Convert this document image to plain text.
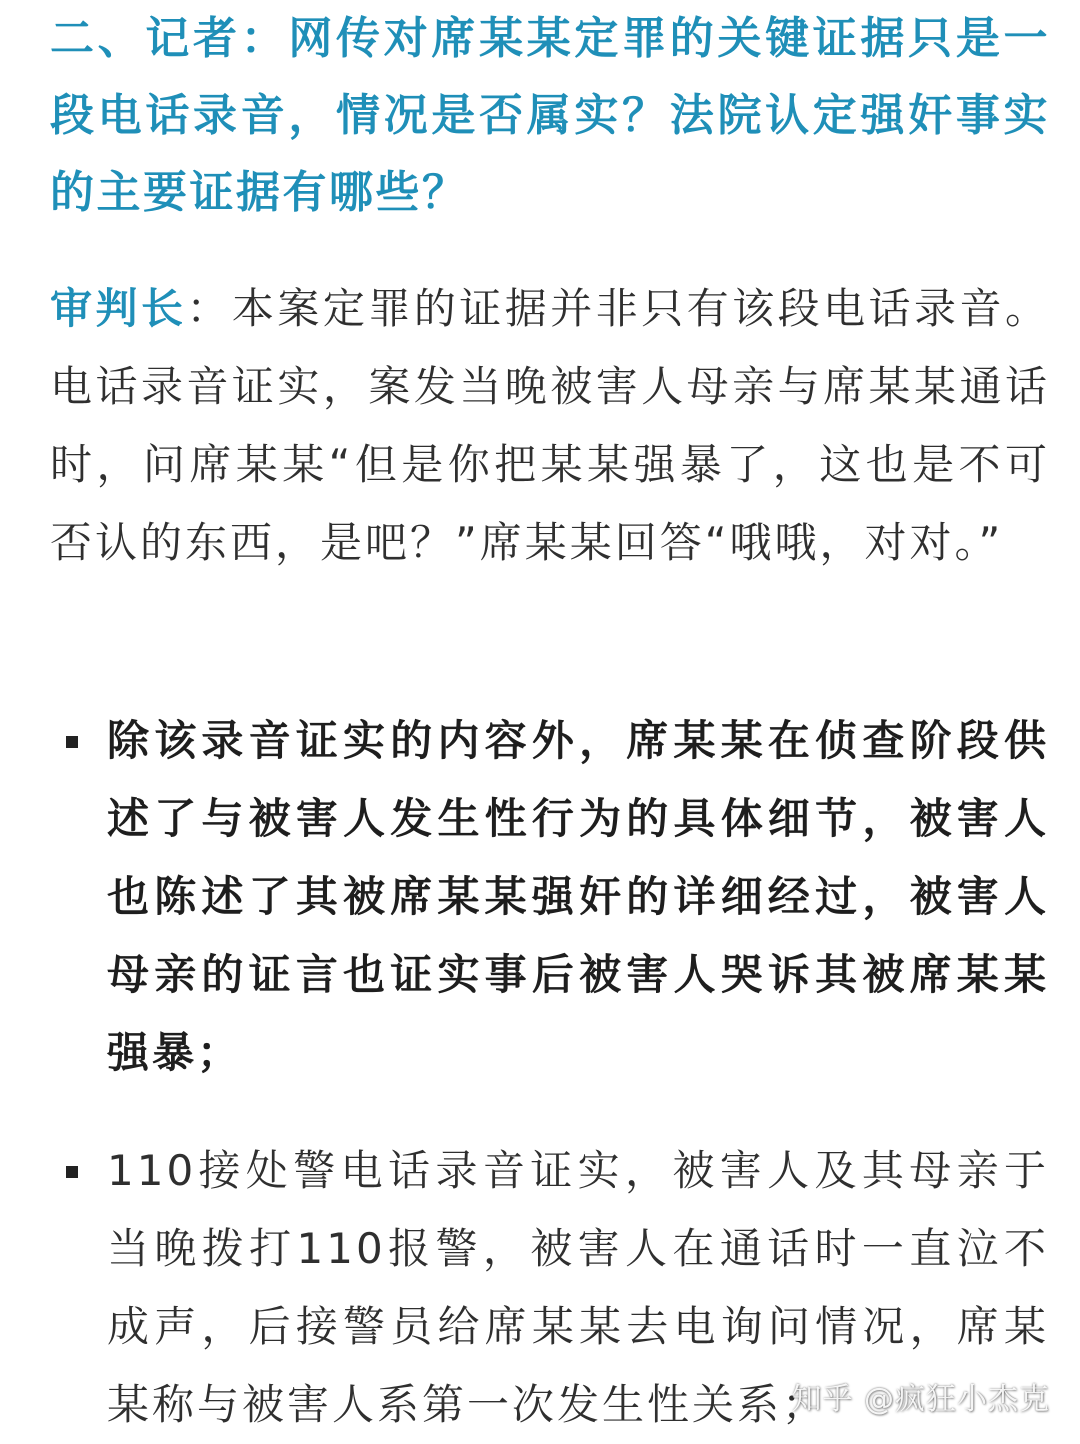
二、记者：网传对席某某定罪的关键证据只是一段电话录音，情况是否属实？法院认定强奸事实的主要证据有哪些？

审判长：本案定罪的证据并非只有该段电话录音。电话录音证实，案发当晚被害人母亲与席某某通话时，问席某某“但是你把某某强暴了，这也是不可否认的东西，是吧？”席某某回答“哦哦，对对。”

除该录音证实的内容外，席某某在侦查阶段供述了与被害人发生性行为的具体细节，被害人也陈述了其被席某某强奸的详细经过，被害人母亲的证言也证实事后被害人哭诉其被席某某强暴；

110接处警电话录音证实，被害人及其母亲于当晚拨打110报警，被害人在通话时一直泣不成声，后接警员给席某某去电询问情况，席某某称与被害人系第一次发生性关系；

知乎 @疯狂小杰克
